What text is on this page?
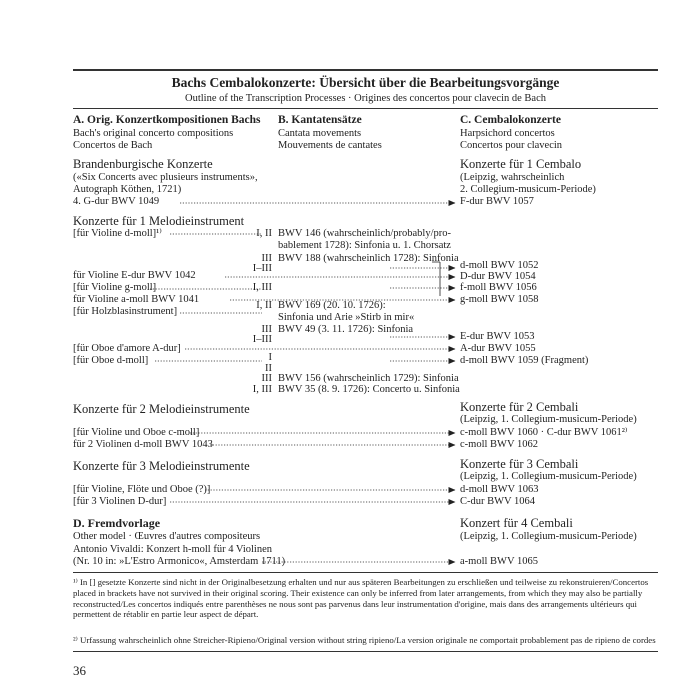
Bachs Cembalokonzerte: Übersicht über die Bearbeitungsvorgänge
Outline of the Transcription Processes · Origines des concertos pour clavecin de Bach
A. Orig. Konzertkompositionen Bachs
Bach's original concerto compositions
Concertos de Bach
B. Kantatensätze
Cantata movements
Mouvements de cantates
C. Cembalokonzerte
Harpsichord concertos
Concertos pour clavecin
Brandenburgische Konzerte
(«Six Concerts avec plusieurs instruments»,
Autograph Köthen, 1721)
4. G-dur BWV 1049
Konzerte für 1 Cembalo
(Leipzig, wahrscheinlich
2. Collegium-musicum-Periode)
F-dur BWV 1057
Konzerte für 1 Melodieinstrument
[für Violine d-moll]¹⁾
für Violine E-dur BWV 1042
[für Violine g-moll]
für Violine a-moll BWV 1041
[für Holzblasinstrument]
[für Oboe d'amore A-dur]
[für Oboe d-moll]
I, II
III
I–III
I, III
I, II
III
I–III
I
II
III
I, III
BWV 146 (wahrscheinlich/probably/pro-
bablement 1728): Sinfonia u. 1. Chorsatz
BWV 188 (wahrscheinlich 1728): Sinfonia
BWV 169 (20. 10. 1726):
Sinfonia und Arie »Stirb in mir«
BWV 49 (3. 11. 1726): Sinfonia
BWV 156 (wahrscheinlich 1729): Sinfonia
BWV 35 (8. 9. 1726): Concerto u. Sinfonia
d-moll BWV 1052
D-dur BWV 1054
f-moll BWV 1056
g-moll BWV 1058
E-dur BWV 1053
A-dur BWV 1055
d-moll BWV 1059 (Fragment)
Konzerte für 2 Melodieinstrumente
[für Violine und Oboe c-moll]
für 2 Violinen d-moll BWV 1043
Konzerte für 2 Cembali
(Leipzig, 1. Collegium-musicum-Periode)
c-moll BWV 1060 · C-dur BWV 1061²⁾
c-moll BWV 1062
Konzerte für 3 Melodieinstrumente
[für Violine, Flöte und Oboe (?)]
[für 3 Violinen D-dur]
Konzerte für 3 Cembali
(Leipzig, 1. Collegium-musicum-Periode)
d-moll BWV 1063
C-dur BWV 1064
D. Fremdvorlage
Other model · Œuvres d'autres compositeurs
Antonio Vivaldi: Konzert h-moll für 4 Violinen
(Nr. 10 in: »L'Estro Armonico«, Amsterdam 1711)
Konzert für 4 Cembali
(Leipzig, 1. Collegium-musicum-Periode)
a-moll BWV 1065
¹⁾ In [] gesetzte Konzerte sind nicht in der Originalbesetzung erhalten und nur aus späteren Bearbeitungen zu erschließen und teilweise zu rekonstruieren/Concertos placed in brackets have not survived in their original scoring. Their existence can only be inferred from later arrangements, from which they may also be partially reconstructed/Les concertos indiqués entre parenthèses ne nous sont pas parvenus dans leur instrumentation d'origine, mais dans des arrangements ultérieurs qui permettent de rétablir en partie leur aspect de départ.
²⁾ Urfassung wahrscheinlich ohne Streicher-Ripieno/Original version without string ripieno/La version originale ne comportait probablement pas de ripieno de cordes
36
